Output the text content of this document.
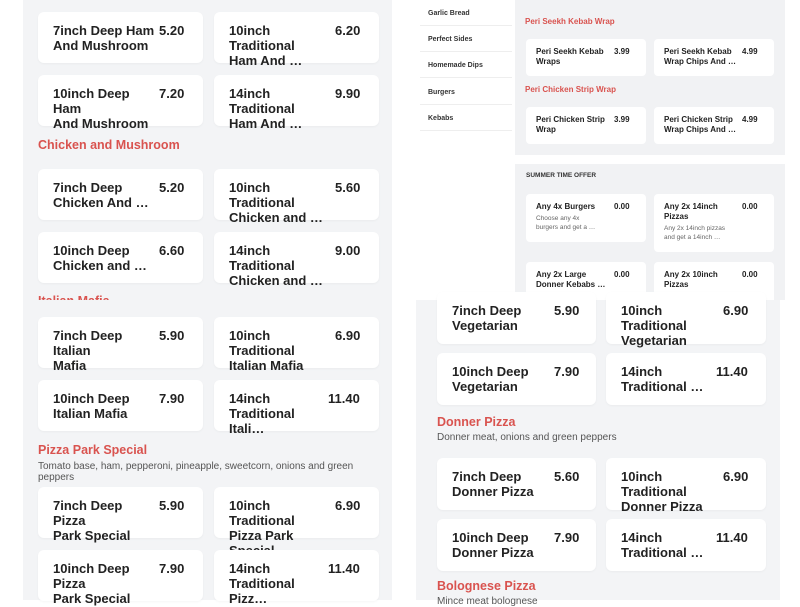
7inch Deep Ham
And Mushroom
5.20	10inch Traditional
Ham And …
6.20
10inch Deep Ham
And Mushroom
7.20	14inch Traditional
Ham And …
9.90
Chicken and Mushroom
7inch Deep
Chicken And …
5.20	10inch Traditional
Chicken and …
5.60
10inch Deep
Chicken and …
6.60	14inch Traditional
Chicken and …
9.00
Garlic Bread
Perfect Sides
Homemade Dips
Burgers
Kebabs
Peri Seekh Kebab Wrap
Peri Seekh Kebab
Wraps
3.99	Peri Seekh Kebab
Wrap Chips And …
4.99
Peri Chicken Strip Wrap
Peri Chicken Strip
Wrap
3.99	Peri Chicken Strip
Wrap Chips And …
4.99
SUMMER TIME OFFER
Any 4x Burgers 0.00
Choose any 4x
burgers and get a …
Any 2x 14inch
Pizzas
0.00
Any 2x 14inch pizzas
and get a 14inch …
Any 2x Large
Donner Kebabs …
0.00	Any 2x 10inch
Pizzas
0.00
7inch Deep Italian
Mafia
5.90	10inch Traditional
Italian Mafia
6.90
10inch Deep
Italian Mafia
7.90	14inch
Traditional Itali…
11.40
Pizza Park Special
Tomato base, ham, pepperoni, pineapple, sweetcorn, onions and green peppers
7inch Deep Pizza
Park Special
5.90	10inch Traditional
Pizza Park
6.90
10inch Deep Pizza
Park Special
7.90	14inch
Traditional Pizz…
11.40
7inch Deep
Vegetarian
5.90	10inch Traditional
Vegetarian
6.90
10inch Deep
Vegetarian
7.90	14inch
Traditional …
11.40
Donner Pizza
Donner meat, onions and green peppers
7inch Deep
Donner Pizza
5.60	10inch Traditional
Donner Pizza
6.90
10inch Deep
Donner Pizza
7.90	14inch
Traditional …
11.40
Bolognese Pizza
Mince meat bolognese
